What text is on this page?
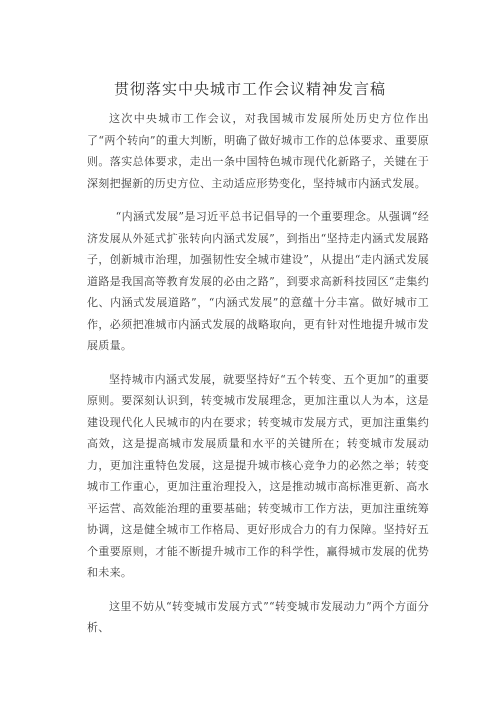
贯彻落实中央城市工作会议精神发言稿

这次中央城市工作会议，对我国城市发展所处历史方位作出了“两个转向”的重大判断，明确了做好城市工作的总体要求、重要原则。落实总体要求，走出一条中国特色城市现代化新路子，关键在于深刻把握新的历史方位、主动适应形势变化，坚持城市内涵式发展。

“内涵式发展”是习近平总书记倡导的一个重要理念。从强调“经济发展从外延式扩张转向内涵式发展”，到指出“坚持走内涵式发展路子，创新城市治理，加强韧性安全城市建设”，从提出“走内涵式发展道路是我国高等教育发展的必由之路”，到要求高新科技园区“走集约化、内涵式发展道路”，“内涵式发展”的意蕴十分丰富。做好城市工作，必须把准城市内涵式发展的战略取向，更有针对性地提升城市发展质量。

坚持城市内涵式发展，就要坚持好“五个转变、五个更加”的重要原则。要深刻认识到，转变城市发展理念，更加注重以人为本，这是建设现代化人民城市的内在要求；转变城市发展方式，更加注重集约高效，这是提高城市发展质量和水平的关键所在；转变城市发展动力，更加注重特色发展，这是提升城市核心竞争力的必然之举；转变城市工作重心，更加注重治理投入，这是推动城市高标准更新、高水平运营、高效能治理的重要基础；转变城市工作方法，更加注重统筹协调，这是健全城市工作格局、更好形成合力的有力保障。坚持好五个重要原则，才能不断提升城市工作的科学性，赢得城市发展的优势和未来。

这里不妨从“转变城市发展方式”“转变城市发展动力”两个方面分析、
